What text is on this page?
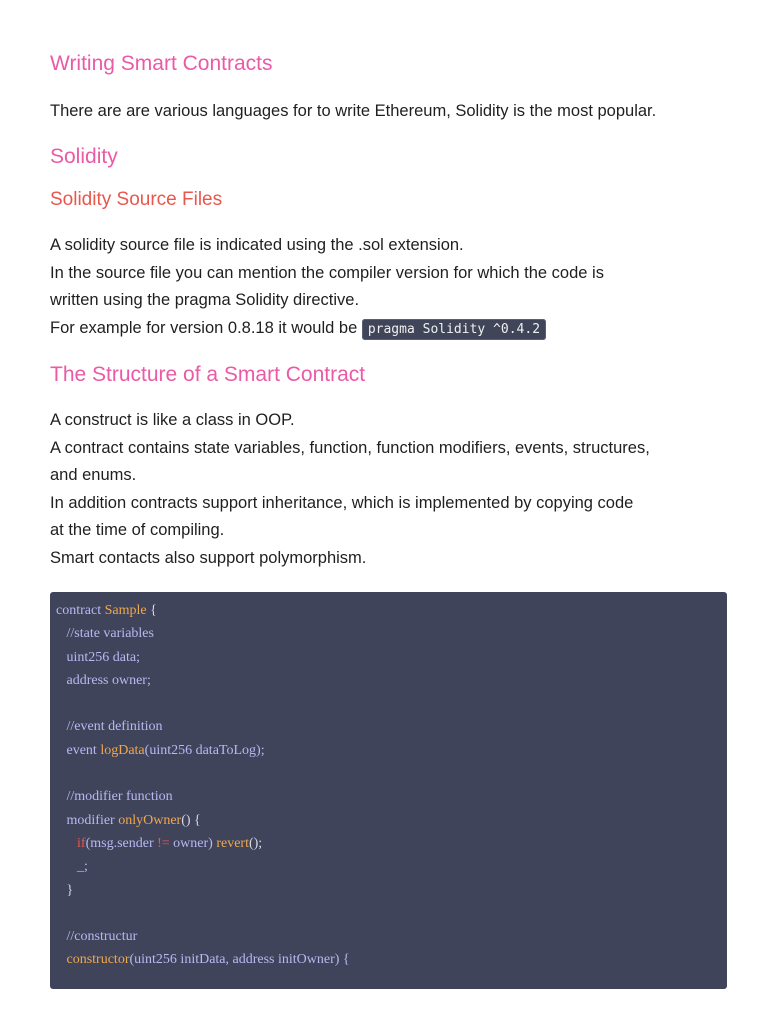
Writing Smart Contracts

There are are various languages for to write Ethereum, Solidity is the most popular.

Solidity
Solidity Source Files

A solidity source file is indicated using the .sol extension.
In the source file you can mention the compiler version for which the code is
written using the pragma Solidity directive.
For example for version 0.8.18 it would be pragma Solidity ^0.4.2

The Structure of a Smart Contract

A construct is like a class in OOP.
A contract contains state variables, function, function modifiers, events, structures,
and enums.
In addition contracts support inheritance, which is implemented by copying code
at the time of compiling.
Smart contacts also support polymorphism.

contract Sample {
//state variables
uint256 data;
address owner;
//event definition
event logData(uint256 dataToLog);
//modifier function
modifier onlyOwner() {
if(msg.sender != owner) revert();
_;
}
//constructur
constructor(uint256 initData, address initOwner) {
